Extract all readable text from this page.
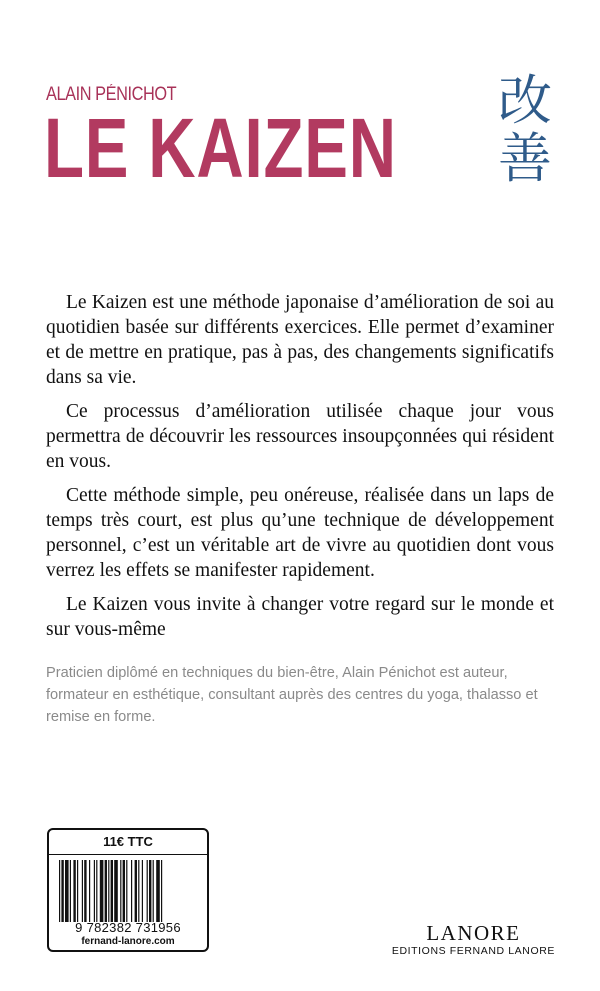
ALAIN PÉNICHOT
LE KAIZEN
改
善

Le Kaizen est une méthode japonaise d’amélioration de soi au quotidien basée sur différents exercices. Elle permet d’examiner et de mettre en pratique, pas à pas, des changements significatifs dans sa vie.

Ce processus d’amélioration utilisée chaque jour vous permettra de découvrir les ressources insoupçonnées qui résident en vous.

Cette méthode simple, peu onéreuse, réalisée dans un laps de temps très court, est plus qu’une technique de développement personnel, c’est un véritable art de vivre au quotidien dont vous verrez les effets se manifester rapidement.

Le Kaizen vous invite à changer votre regard sur le monde et sur vous-même

Praticien diplômé en techniques du bien-être, Alain Pénichot est auteur, formateur en esthétique, consultant auprès des centres du yoga, thalasso et remise en forme.
11€ TTC
9 782382 731956
fernand-lanore.com	LANORE
EDITIONS FERNAND LANORE
